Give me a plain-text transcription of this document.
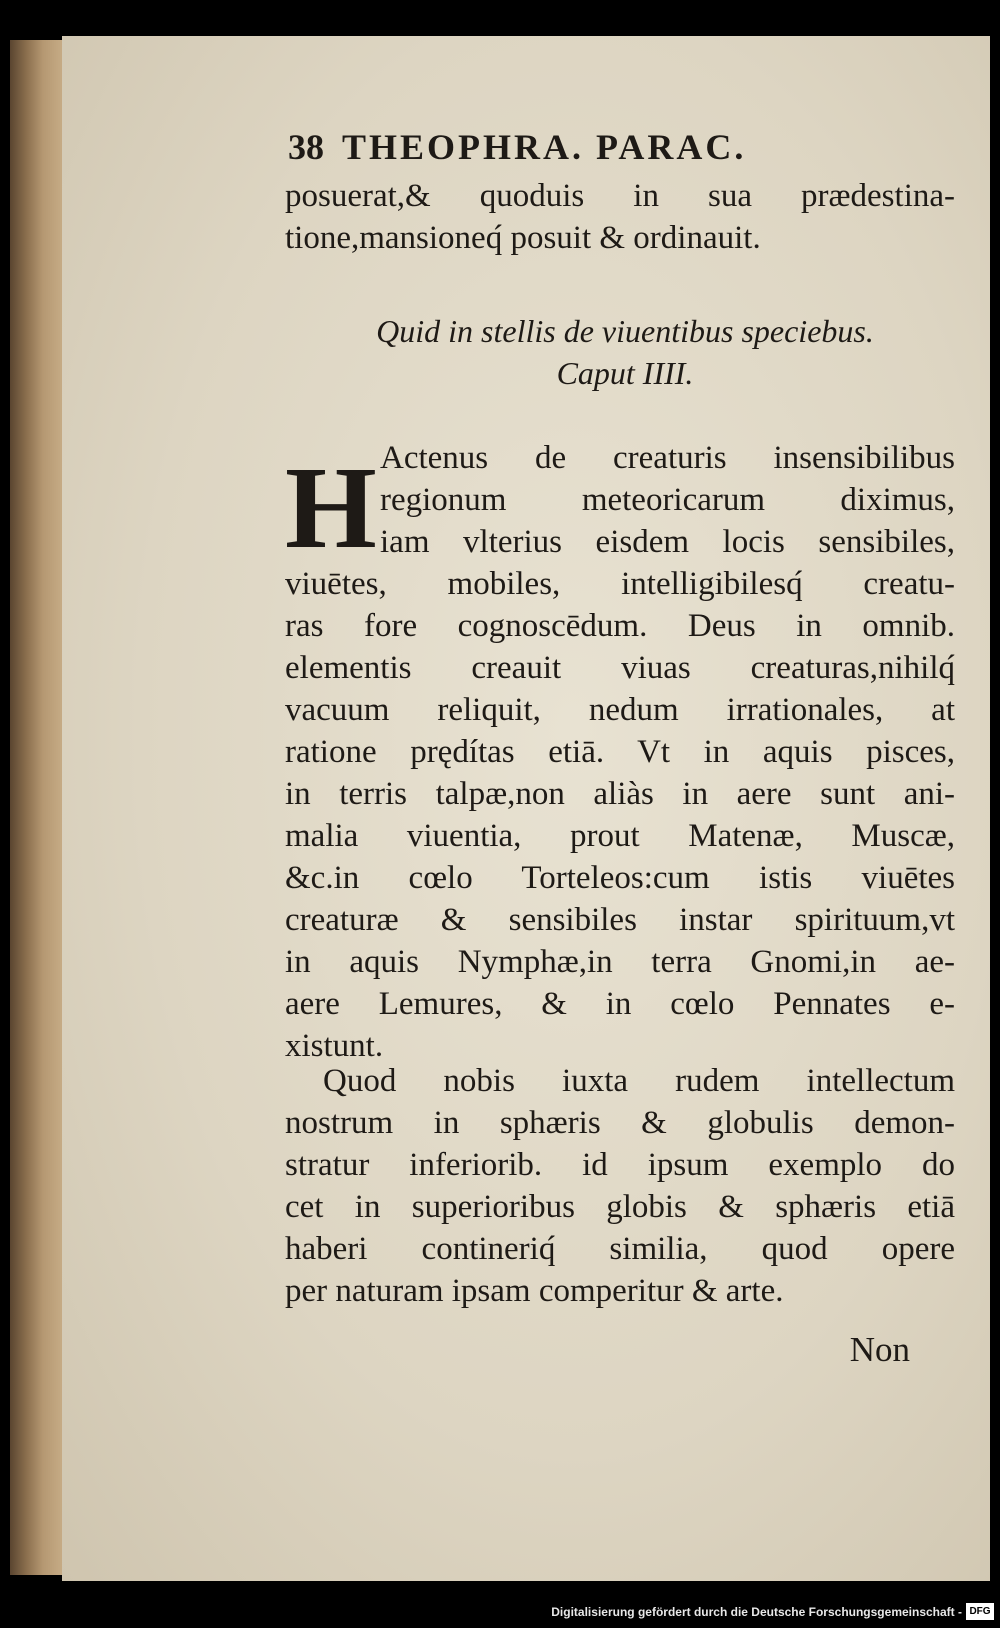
38 THEOPHRA. PARAC.
posuerat,& quoduis in sua prædestina-
tione,mansioneq́ posuit & ordinauit.
Quid in stellis de viuentibus speciebus.
Caput IIII.
H Actenus de creaturis insensibilibus
regionum meteoricarum diximus,
iam vlterius eisdem locis sensibiles,
viuētes, mobiles, intelligibilesq́ creatu-
ras fore cognoscēdum. Deus in omnib.
elementis creauit viuas creaturas,nihilq́
vacuum reliquit, nedum irrationales, at
ratione prędítas etiā. Vt in aquis pisces,
in terris talpæ,non aliàs in aere sunt ani-
malia viuentia, prout Matenæ, Muscæ,
&c.in cœlo Torteleos:cum istis viuētes
creaturæ & sensibiles instar spirituum,vt
in aquis Nymphæ,in terra Gnomi,in ae-
aere Lemures, & in cœlo Pennates e-
xistunt.
Quod nobis iuxta rudem intellectum
nostrum in sphæris & globulis demon-
stratur inferiorib. id ipsum exemplo do
cet in superioribus globis & sphæris etiā
haberi contineriq́ similia, quod opere
per naturam ipsam comperitur & arte.
Non
Digitalisierung gefördert durch die Deutsche Forschungsgemeinschaft - DFG
